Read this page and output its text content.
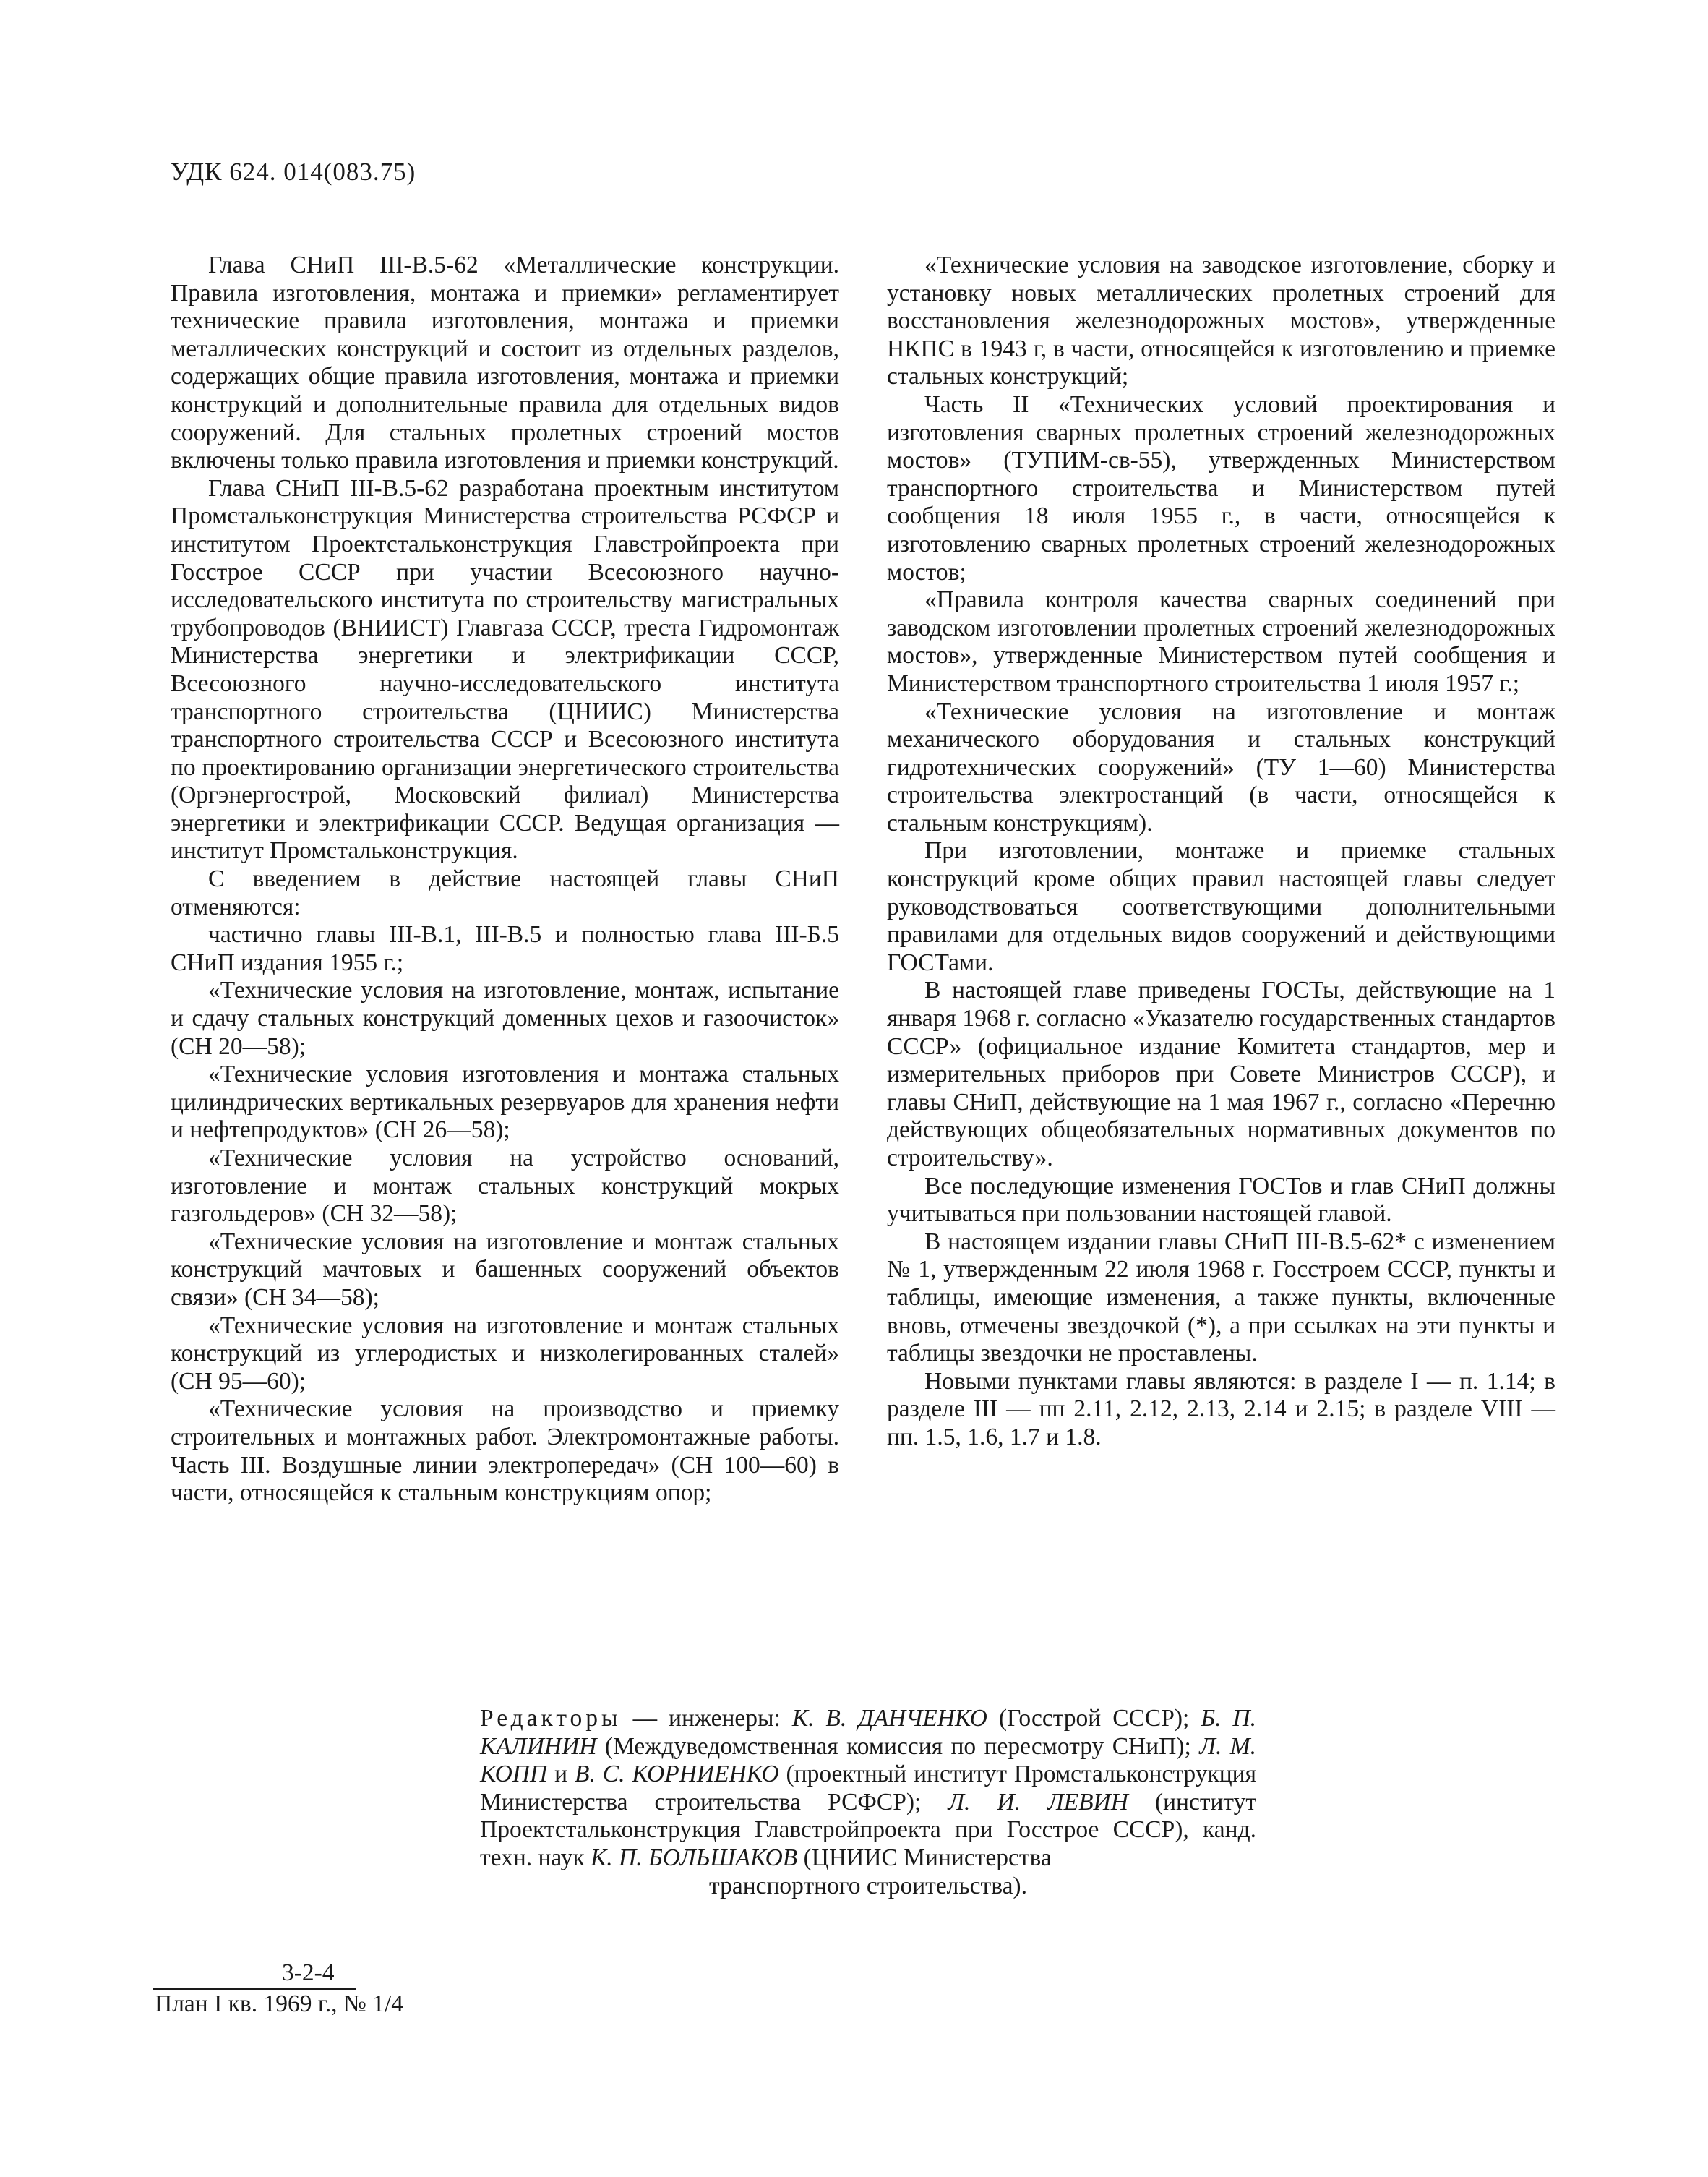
УДК 624. 014(083.75)

Глава СНиП III-В.5-62 «Металлические конструкции. Правила изготовления, монтажа и приемки» регламентирует технические правила изготовления, монтажа и приемки металлических конструкций и состоит из отдельных разделов, содержащих общие правила изготовления, монтажа и приемки конструкций и дополнительные правила для отдельных видов сооружений. Для стальных пролетных строений мостов включены только правила изготовления и приемки конструкций.

Глава СНиП III-В.5-62 разработана проектным институтом Промстальконструкция Министерства строительства РСФСР и институтом Проектстальконструкция Главстройпроекта при Госстрое СССР при участии Всесоюзного научно-исследовательского института по строительству магистральных трубопроводов (ВНИИСТ) Главгаза СССР, треста Гидромонтаж Министерства энергетики и электрификации СССР, Всесоюзного научно-исследовательского института транспортного строительства (ЦНИИС) Министерства транспортного строительства СССР и Всесоюзного института по проектированию организации энергетического строительства (Оргэнергострой, Московский филиал) Министерства энергетики и электрификации СССР. Ведущая организация — институт Промстальконструкция.

С введением в действие настоящей главы СНиП отменяются:

частично главы III-В.1, III-В.5 и полностью глава III-Б.5 СНиП издания 1955 г.;

«Технические условия на изготовление, монтаж, испытание и сдачу стальных конструкций доменных цехов и газоочисток» (СН 20—58);

«Технические условия изготовления и монтажа стальных цилиндрических вертикальных резервуаров для хранения нефти и нефтепродуктов» (СН 26—58);

«Технические условия на устройство оснований, изготовление и монтаж стальных конструкций мокрых газгольдеров» (СН 32—58);

«Технические условия на изготовление и монтаж стальных конструкций мачтовых и башенных сооружений объектов связи» (СН 34—58);

«Технические условия на изготовление и монтаж стальных конструкций из углеродистых и низколегированных сталей» (СН 95—60);

«Технические условия на производство и приемку строительных и монтажных работ. Электромонтажные работы. Часть III. Воздушные линии электропередач» (СН 100—60) в части, относящейся к стальным конструкциям опор;

«Технические условия на заводское изготовление, сборку и установку новых металлических пролетных строений для восстановления железнодорожных мостов», утвержденные НКПС в 1943 г, в части, относящейся к изготовлению и приемке стальных конструкций;

Часть II «Технических условий проектирования и изготовления сварных пролетных строений железнодорожных мостов» (ТУПИМ-св-55), утвержденных Министерством транспортного строительства и Министерством путей сообщения 18 июля 1955 г., в части, относящейся к изготовлению сварных пролетных строений железнодорожных мостов;

«Правила контроля качества сварных соединений при заводском изготовлении пролетных строений железнодорожных мостов», утвержденные Министерством путей сообщения и Министерством транспортного строительства 1 июля 1957 г.;

«Технические условия на изготовление и монтаж механического оборудования и стальных конструкций гидротехнических сооружений» (ТУ 1—60) Министерства строительства электростанций (в части, относящейся к стальным конструкциям).

При изготовлении, монтаже и приемке стальных конструкций кроме общих правил настоящей главы следует руководствоваться соответствующими дополнительными правилами для отдельных видов сооружений и действующими ГОСТами.

В настоящей главе приведены ГОСТы, действующие на 1 января 1968 г. согласно «Указателю государственных стандартов СССР» (официальное издание Комитета стандартов, мер и измерительных приборов при Совете Министров СССР), и главы СНиП, действующие на 1 мая 1967 г., согласно «Перечню действующих общеобязательных нормативных документов по строительству».

Все последующие изменения ГОСТов и глав СНиП должны учитываться при пользовании настоящей главой.

В настоящем издании главы СНиП III-В.5-62* с изменением № 1, утвержденным 22 июля 1968 г. Госстроем СССР, пункты и таблицы, имеющие изменения, а также пункты, включенные вновь, отмечены звездочкой (*), а при ссылках на эти пункты и таблицы звездочки не проставлены.

Новыми пунктами главы являются: в разделе I — п. 1.14; в разделе III — пп 2.11, 2.12, 2.13, 2.14 и 2.15; в разделе VIII — пп. 1.5, 1.6, 1.7 и 1.8.

Редакторы — инженеры: К. В. ДАНЧЕНКО (Госстрой СССР); Б. П. КАЛИНИН (Междуведомственная комиссия по пересмотру СНиП); Л. М. КОПП и В. С. КОРНИЕНКО (проектный институт Промстальконструкция Министерства строительства РСФСР); Л. И. ЛЕВИН (институт Проектстальконструкция Главстройпроекта при Госстрое СССР), канд. техн. наук К. П. БОЛЬШАКОВ (ЦНИИС Министерства
транспортного строительства).
3-2-4
План I кв. 1969 г., № 1/4
